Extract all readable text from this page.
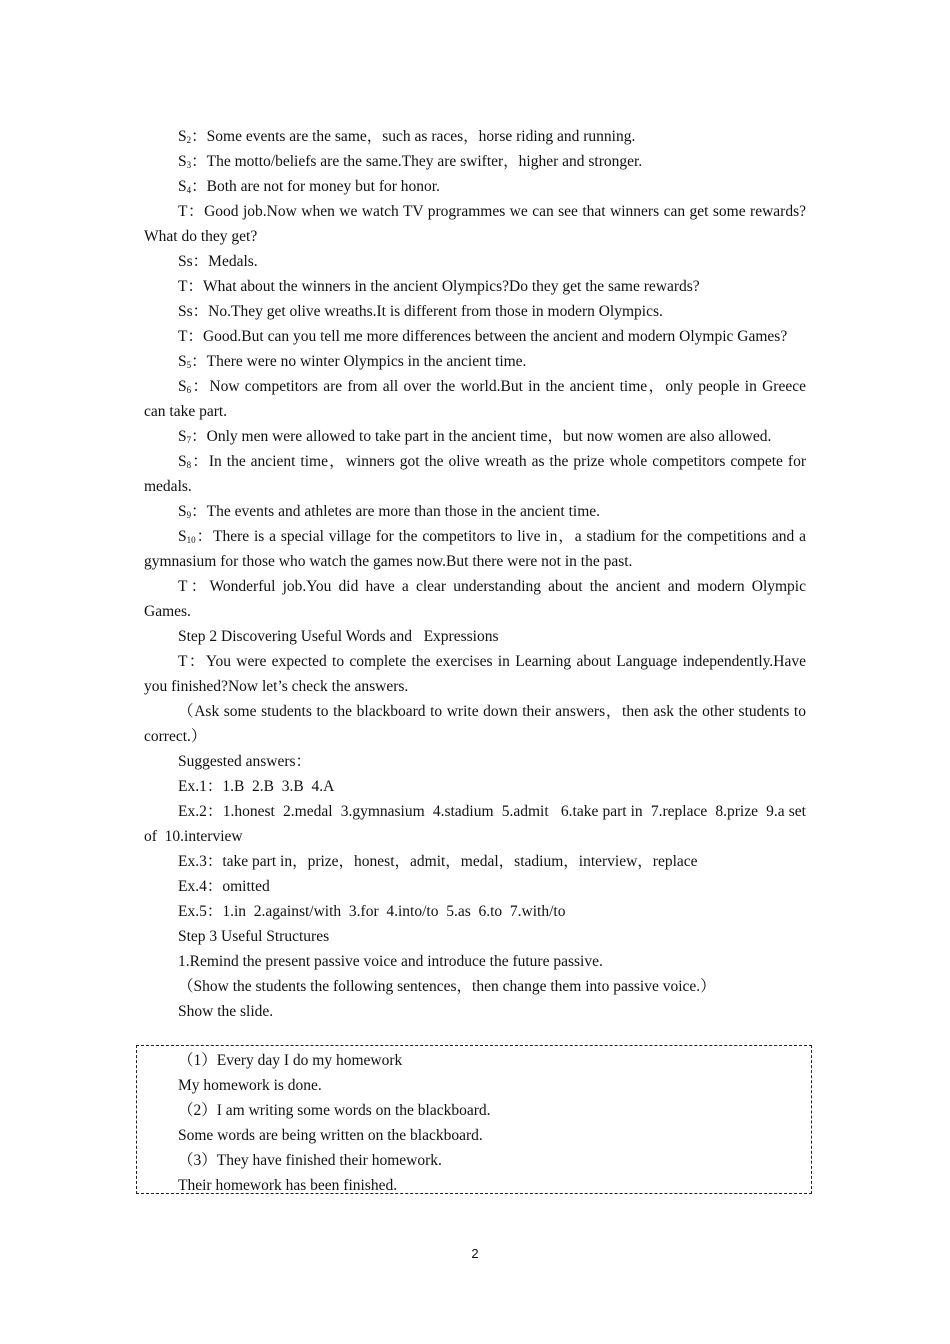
$S_2$：Some events are the same，such as races，horse riding and running.

$S_3$：The motto/beliefs are the same.They are swifter，higher and stronger.

$S_4$：Both are not for money but for honor.

T：Good job.Now when we watch TV programmes we can see that winners can get some rewards?What do they get?

Ss：Medals.

T：What about the winners in the ancient Olympics?Do they get the same rewards?

Ss：No.They get olive wreaths.It is different from those in modern Olympics.

T：Good.But can you tell me more differences between the ancient and modern Olympic Games?

$S_5$：There were no winter Olympics in the ancient time.

$S_6$：Now competitors are from all over the world.But in the ancient time，only people in Greece can take part.

$S_7$：Only men were allowed to take part in the ancient time，but now women are also allowed.

$S_8$：In the ancient time，winners got the olive wreath as the prize whole competitors compete for medals.

$S_9$：The events and athletes are more than those in the ancient time.

$S_{10}$：There is a special village for the competitors to live in，a stadium for the competitions and a gymnasium for those who watch the games now.But there were not in the past.

T：Wonderful job.You did have a clear understanding about the ancient and modern Olympic Games.

Step 2 Discovering Useful Words and   Expressions

T：You were expected to complete the exercises in Learning about Language independently.Have you finished?Now let’s check the answers.

（Ask some students to the blackboard to write down their answers，then ask the other students to correct.）

Suggested answers：

Ex.1：1.B  2.B  3.B  4.A

Ex.2：1.honest  2.medal  3.gymnasium  4.stadium  5.admit   6.take part in  7.replace  8.prize  9.a set of  10.interview

Ex.3：take part in，prize，honest，admit，medal，stadium，interview，replace

Ex.4：omitted

Ex.5：1.in  2.against/with  3.for  4.into/to  5.as  6.to  7.with/to

Step 3 Useful Structures

1.Remind the present passive voice and introduce the future passive.

（Show the students the following sentences，then change them into passive voice.）

Show the slide.

（1）Every day I do my homework

My homework is done.

（2）I am writing some words on the blackboard.

Some words are being written on the blackboard.

（3）They have finished their homework.

Their homework has been finished.

2
